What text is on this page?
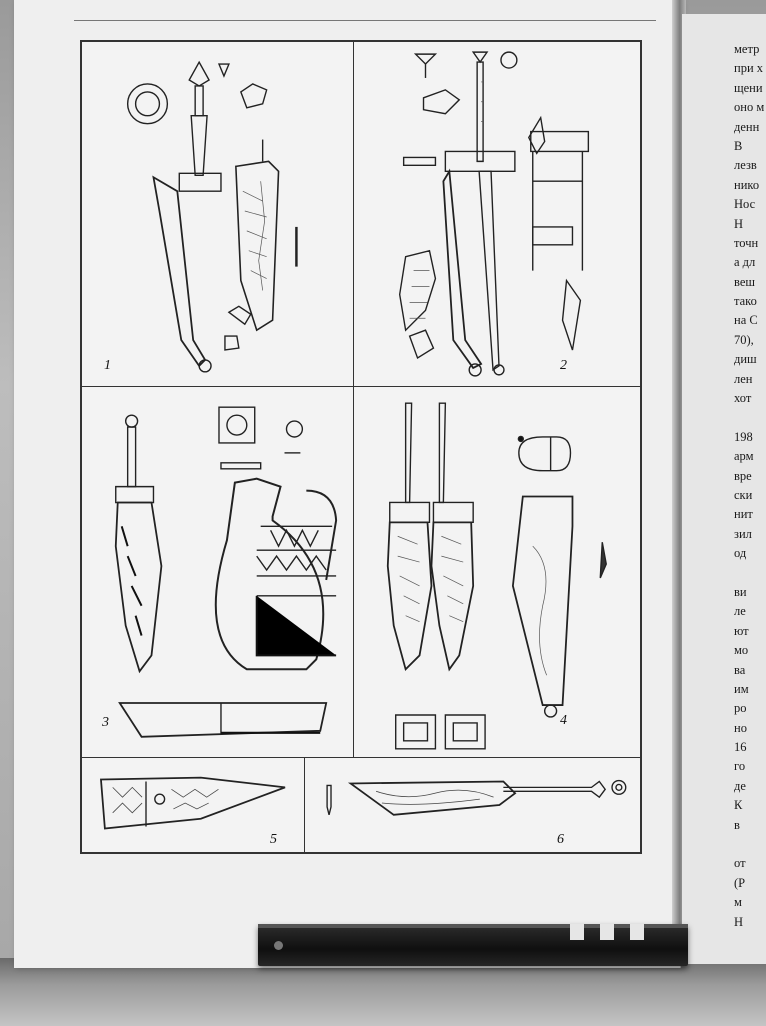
1	2
3	4
5	6
метр
при х
щени
оно м
денн
В
лезв
нико
Нос
Н
точн
а дл
веш
тако
на С
70),
диш
лен
хот
198
арм
вре
ски
нит
зил
од
ви
ле
ют
мо
ва
им
ро
но
16
го
де
К
в
от
(Р
м
Н
